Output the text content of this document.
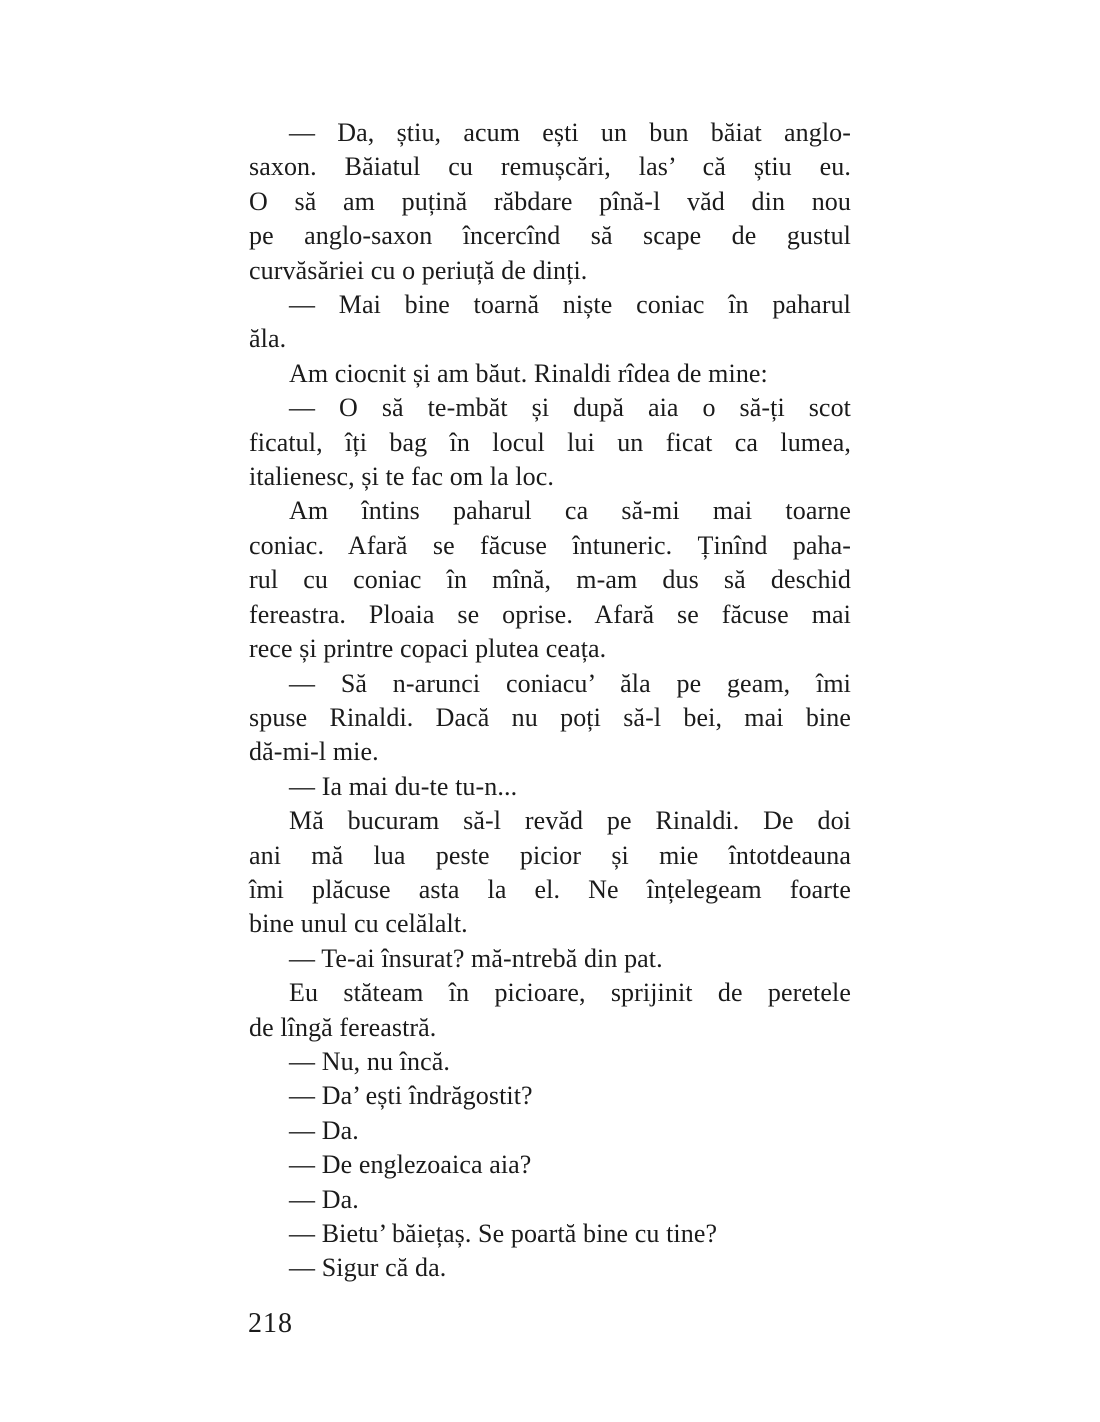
— Da, știu, acum ești un bun băiat anglo-
saxon. Băiatul cu remușcări, las’ că știu eu.
O să am puțină răbdare pînă-l văd din nou
pe anglo-saxon încercînd să scape de gustul
curvăsăriei cu o periuță de dinți.
— Mai bine toarnă niște coniac în paharul
ăla.
Am ciocnit și am băut. Rinaldi rîdea de mine:
— O să te-mbăt și după aia o să-ți scot
ficatul, îți bag în locul lui un ficat ca lumea,
italienesc, și te fac om la loc.
Am întins paharul ca să-mi mai toarne
coniac. Afară se făcuse întuneric. Ținînd paha-
rul cu coniac în mînă, m-am dus să deschid
fereastra. Ploaia se oprise. Afară se făcuse mai
rece și printre copaci plutea ceața.
— Să n-arunci coniacu’ ăla pe geam, îmi
spuse Rinaldi. Dacă nu poți să-l bei, mai bine
dă-mi-l mie.
— Ia mai du-te tu-n...
Mă bucuram să-l revăd pe Rinaldi. De doi
ani mă lua peste picior și mie întotdeauna
îmi plăcuse asta la el. Ne înțelegeam foarte
bine unul cu celălalt.
— Te-ai însurat? mă-ntrebă din pat.
Eu stăteam în picioare, sprijinit de peretele
de lîngă fereastră.
— Nu, nu încă.
— Da’ ești îndrăgostit?
— Da.
— De englezoaica aia?
— Da.
— Bietu’ băiețaș. Se poartă bine cu tine?
— Sigur că da.
218
